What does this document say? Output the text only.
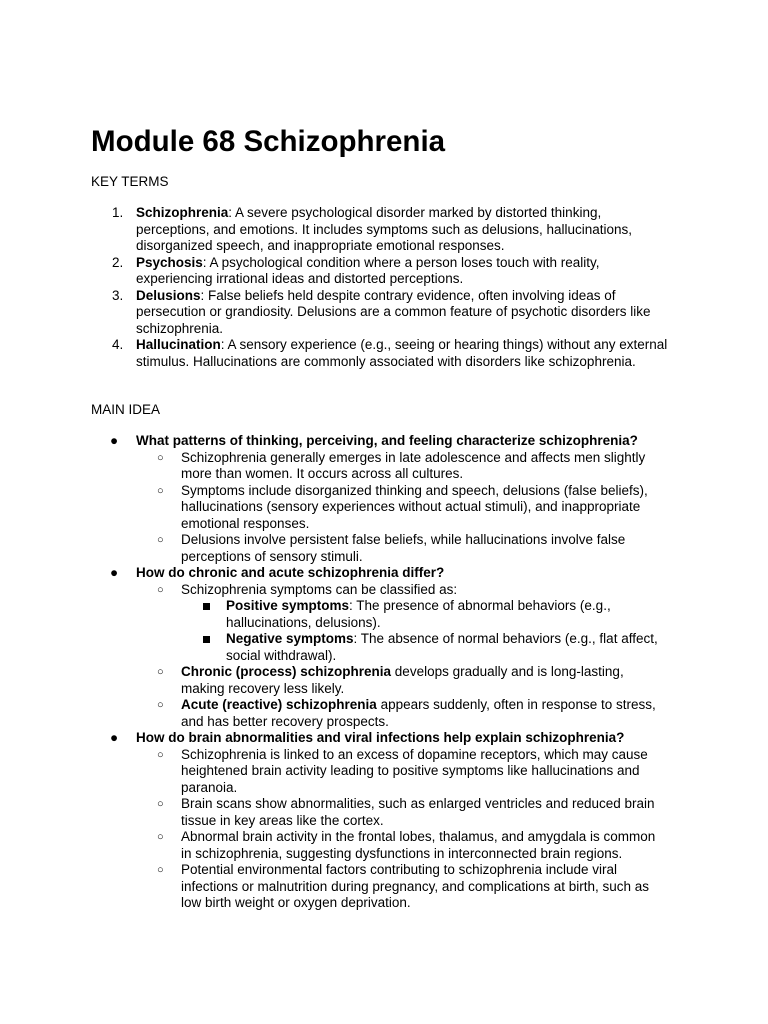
Module 68 Schizophrenia

KEY TERMS

1. Schizophrenia: A severe psychological disorder marked by distorted thinking, perceptions, and emotions. It includes symptoms such as delusions, hallucinations, disorganized speech, and inappropriate emotional responses.
2. Psychosis: A psychological condition where a person loses touch with reality, experiencing irrational ideas and distorted perceptions.
3. Delusions: False beliefs held despite contrary evidence, often involving ideas of persecution or grandiosity. Delusions are a common feature of psychotic disorders like schizophrenia.
4. Hallucination: A sensory experience (e.g., seeing or hearing things) without any external stimulus. Hallucinations are commonly associated with disorders like schizophrenia.

MAIN IDEA

● What patterns of thinking, perceiving, and feeling characterize schizophrenia?
○ Schizophrenia generally emerges in late adolescence and affects men slightly more than women. It occurs across all cultures.
○ Symptoms include disorganized thinking and speech, delusions (false beliefs), hallucinations (sensory experiences without actual stimuli), and inappropriate emotional responses.
○ Delusions involve persistent false beliefs, while hallucinations involve false perceptions of sensory stimuli.
● How do chronic and acute schizophrenia differ?
○ Schizophrenia symptoms can be classified as:
Positive symptoms: The presence of abnormal behaviors (e.g., hallucinations, delusions).
Negative symptoms: The absence of normal behaviors (e.g., flat affect, social withdrawal).
○ Chronic (process) schizophrenia develops gradually and is long-lasting, making recovery less likely.
○ Acute (reactive) schizophrenia appears suddenly, often in response to stress, and has better recovery prospects.
● How do brain abnormalities and viral infections help explain schizophrenia?
○ Schizophrenia is linked to an excess of dopamine receptors, which may cause heightened brain activity leading to positive symptoms like hallucinations and paranoia.
○ Brain scans show abnormalities, such as enlarged ventricles and reduced brain tissue in key areas like the cortex.
○ Abnormal brain activity in the frontal lobes, thalamus, and amygdala is common in schizophrenia, suggesting dysfunctions in interconnected brain regions.
○ Potential environmental factors contributing to schizophrenia include viral infections or malnutrition during pregnancy, and complications at birth, such as low birth weight or oxygen deprivation.
